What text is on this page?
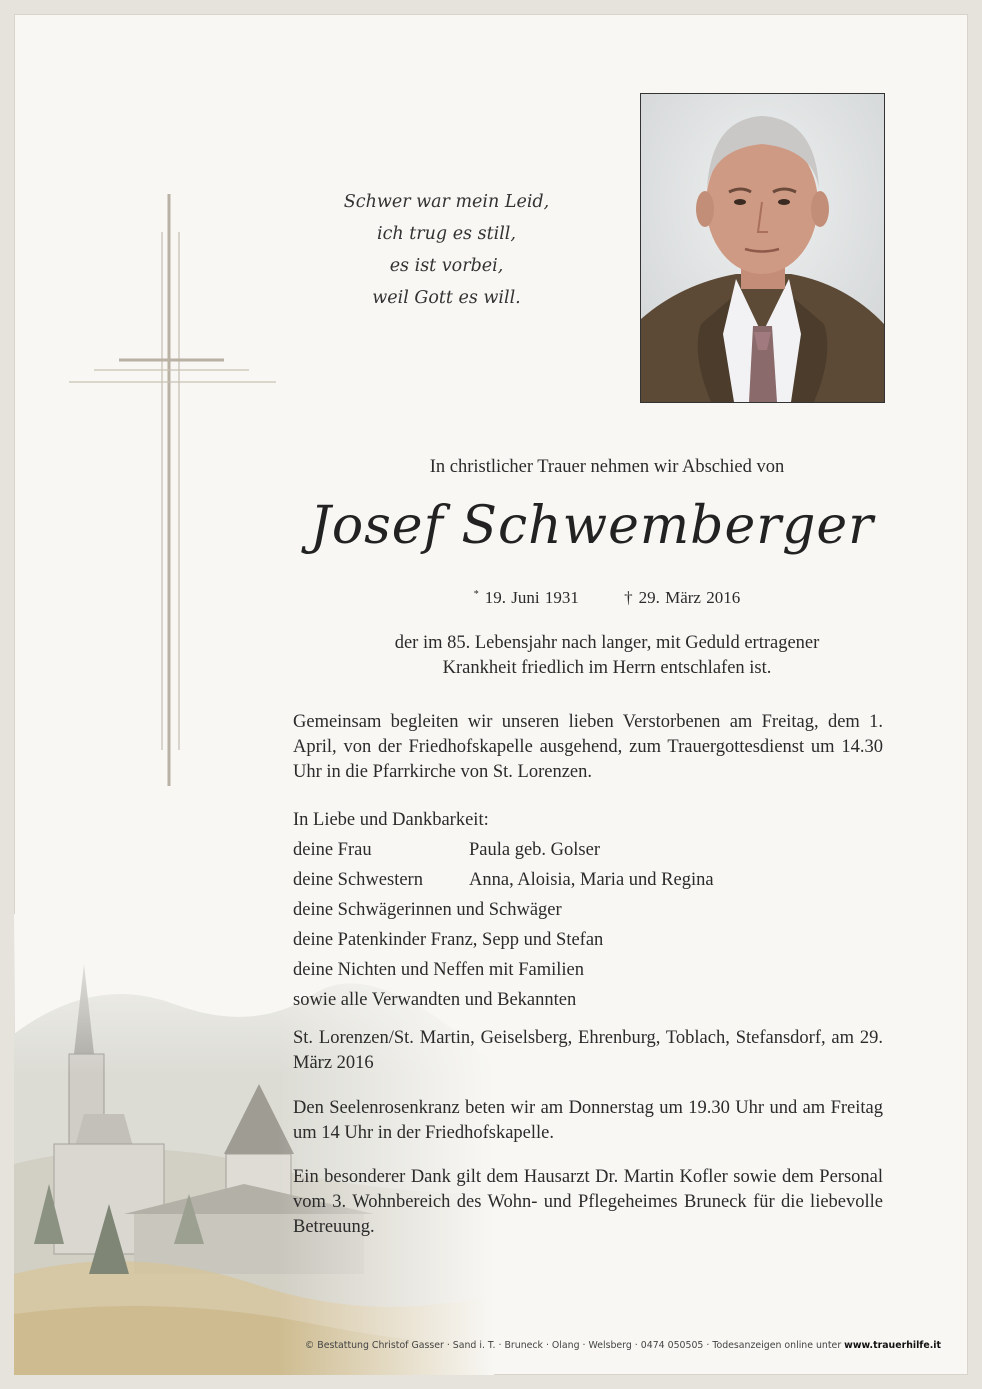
Schwer war mein Leid,
ich trug es still,
es ist vorbei,
weil Gott es will.
In christlicher Trauer nehmen wir Abschied von
Josef Schwemberger
* 19. Juni 1931	† 29. März 2016
der im 85. Lebensjahr nach langer, mit Geduld ertragener
Krankheit friedlich im Herrn entschlafen ist.
Gemeinsam begleiten wir unseren lieben Verstorbenen am Freitag, dem 1. April, von der Friedhofskapelle ausgehend, zum Trauergottesdienst um 14.30 Uhr in die Pfarrkirche von St. Lorenzen.
In Liebe und Dankbarkeit:
deine Frau	Paula geb. Golser
deine Schwestern Anna, Aloisia, Maria und Regina
deine Schwägerinnen und Schwäger
deine Patenkinder Franz, Sepp und Stefan
deine Nichten und Neffen mit Familien
sowie alle Verwandten und Bekannten
St. Lorenzen/St. Martin, Geiselsberg, Ehrenburg, Toblach, Stefansdorf, am 29. März 2016
Den Seelenrosenkranz beten wir am Donnerstag um 19.30 Uhr und am Freitag um 14 Uhr in der Friedhofskapelle.
Ein besonderer Dank gilt dem Hausarzt Dr. Martin Kofler sowie dem Personal vom 3. Wohnbereich des Wohn- und Pflegeheimes Bruneck für die liebevolle Betreuung.
© Bestattung Christof Gasser · Sand i. T. · Bruneck · Olang · Welsberg · 0474 050505 · Todesanzeigen online unter www.trauerhilfe.it
